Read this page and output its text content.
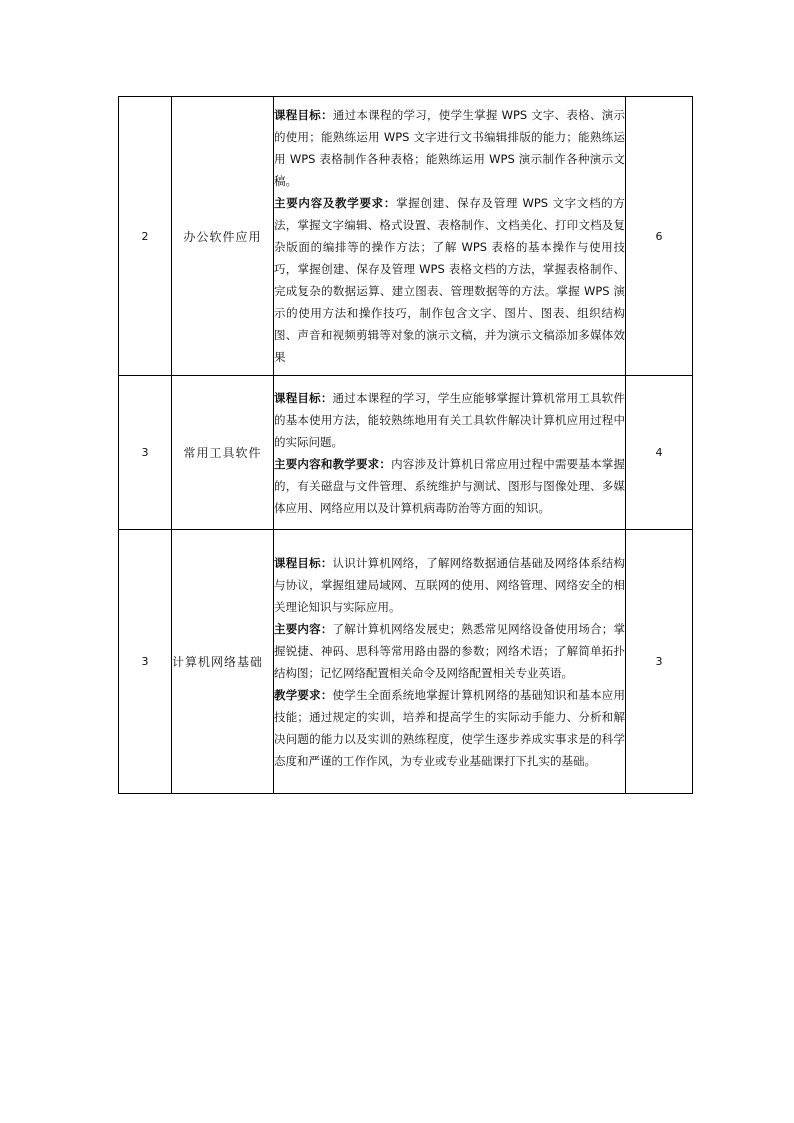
2	办公软件应用	课程目标：通过本课程的学习，使学生掌握 WPS 文字、表格、演示的使用；能熟练运用 WPS 文字进行文书编辑排版的能力；能熟练运用 WPS 表格制作各种表格；能熟练运用 WPS 演示制作各种演示文稿。

主要内容及教学要求：掌握创建、保存及管理 WPS 文字文档的方法，掌握文字编辑、格式设置、表格制作、文档美化、打印文档及复杂版面的编排等的操作方法；了解 WPS 表格的基本操作与使用技巧，掌握创建、保存及管理 WPS 表格文档的方法，掌握表格制作、完成复杂的数据运算、建立图表、管理数据等的方法。掌握 WPS 演示的使用方法和操作技巧，制作包含文字、图片、图表、组织结构图、声音和视频剪辑等对象的演示文稿，并为演示文稿添加多媒体效果	6
3	常用工具软件	课程目标：通过本课程的学习，学生应能够掌握计算机常用工具软件的基本使用方法，能较熟练地用有关工具软件解决计算机应用过程中的实际问题。

主要内容和教学要求：内容涉及计算机日常应用过程中需要基本掌握的，有关磁盘与文件管理、系统维护与测试、图形与图像处理、多媒体应用、网络应用以及计算机病毒防治等方面的知识。	4
3	计算机网络基础	课程目标：认识计算机网络，了解网络数据通信基础及网络体系结构与协议，掌握组建局域网、互联网的使用、网络管理、网络安全的相关理论知识与实际应用。

主要内容：了解计算机网络发展史；熟悉常见网络设备使用场合；掌握锐捷、神码、思科等常用路由器的参数；网络术语；了解简单拓扑结构图；记忆网络配置相关命令及网络配置相关专业英语。

教学要求：使学生全面系统地掌握计算机网络的基础知识和基本应用技能；通过规定的实训，培养和提高学生的实际动手能力、分析和解决问题的能力以及实训的熟练程度，使学生逐步养成实事求是的科学态度和严谨的工作作风，为专业或专业基础课打下扎实的基础。	3
